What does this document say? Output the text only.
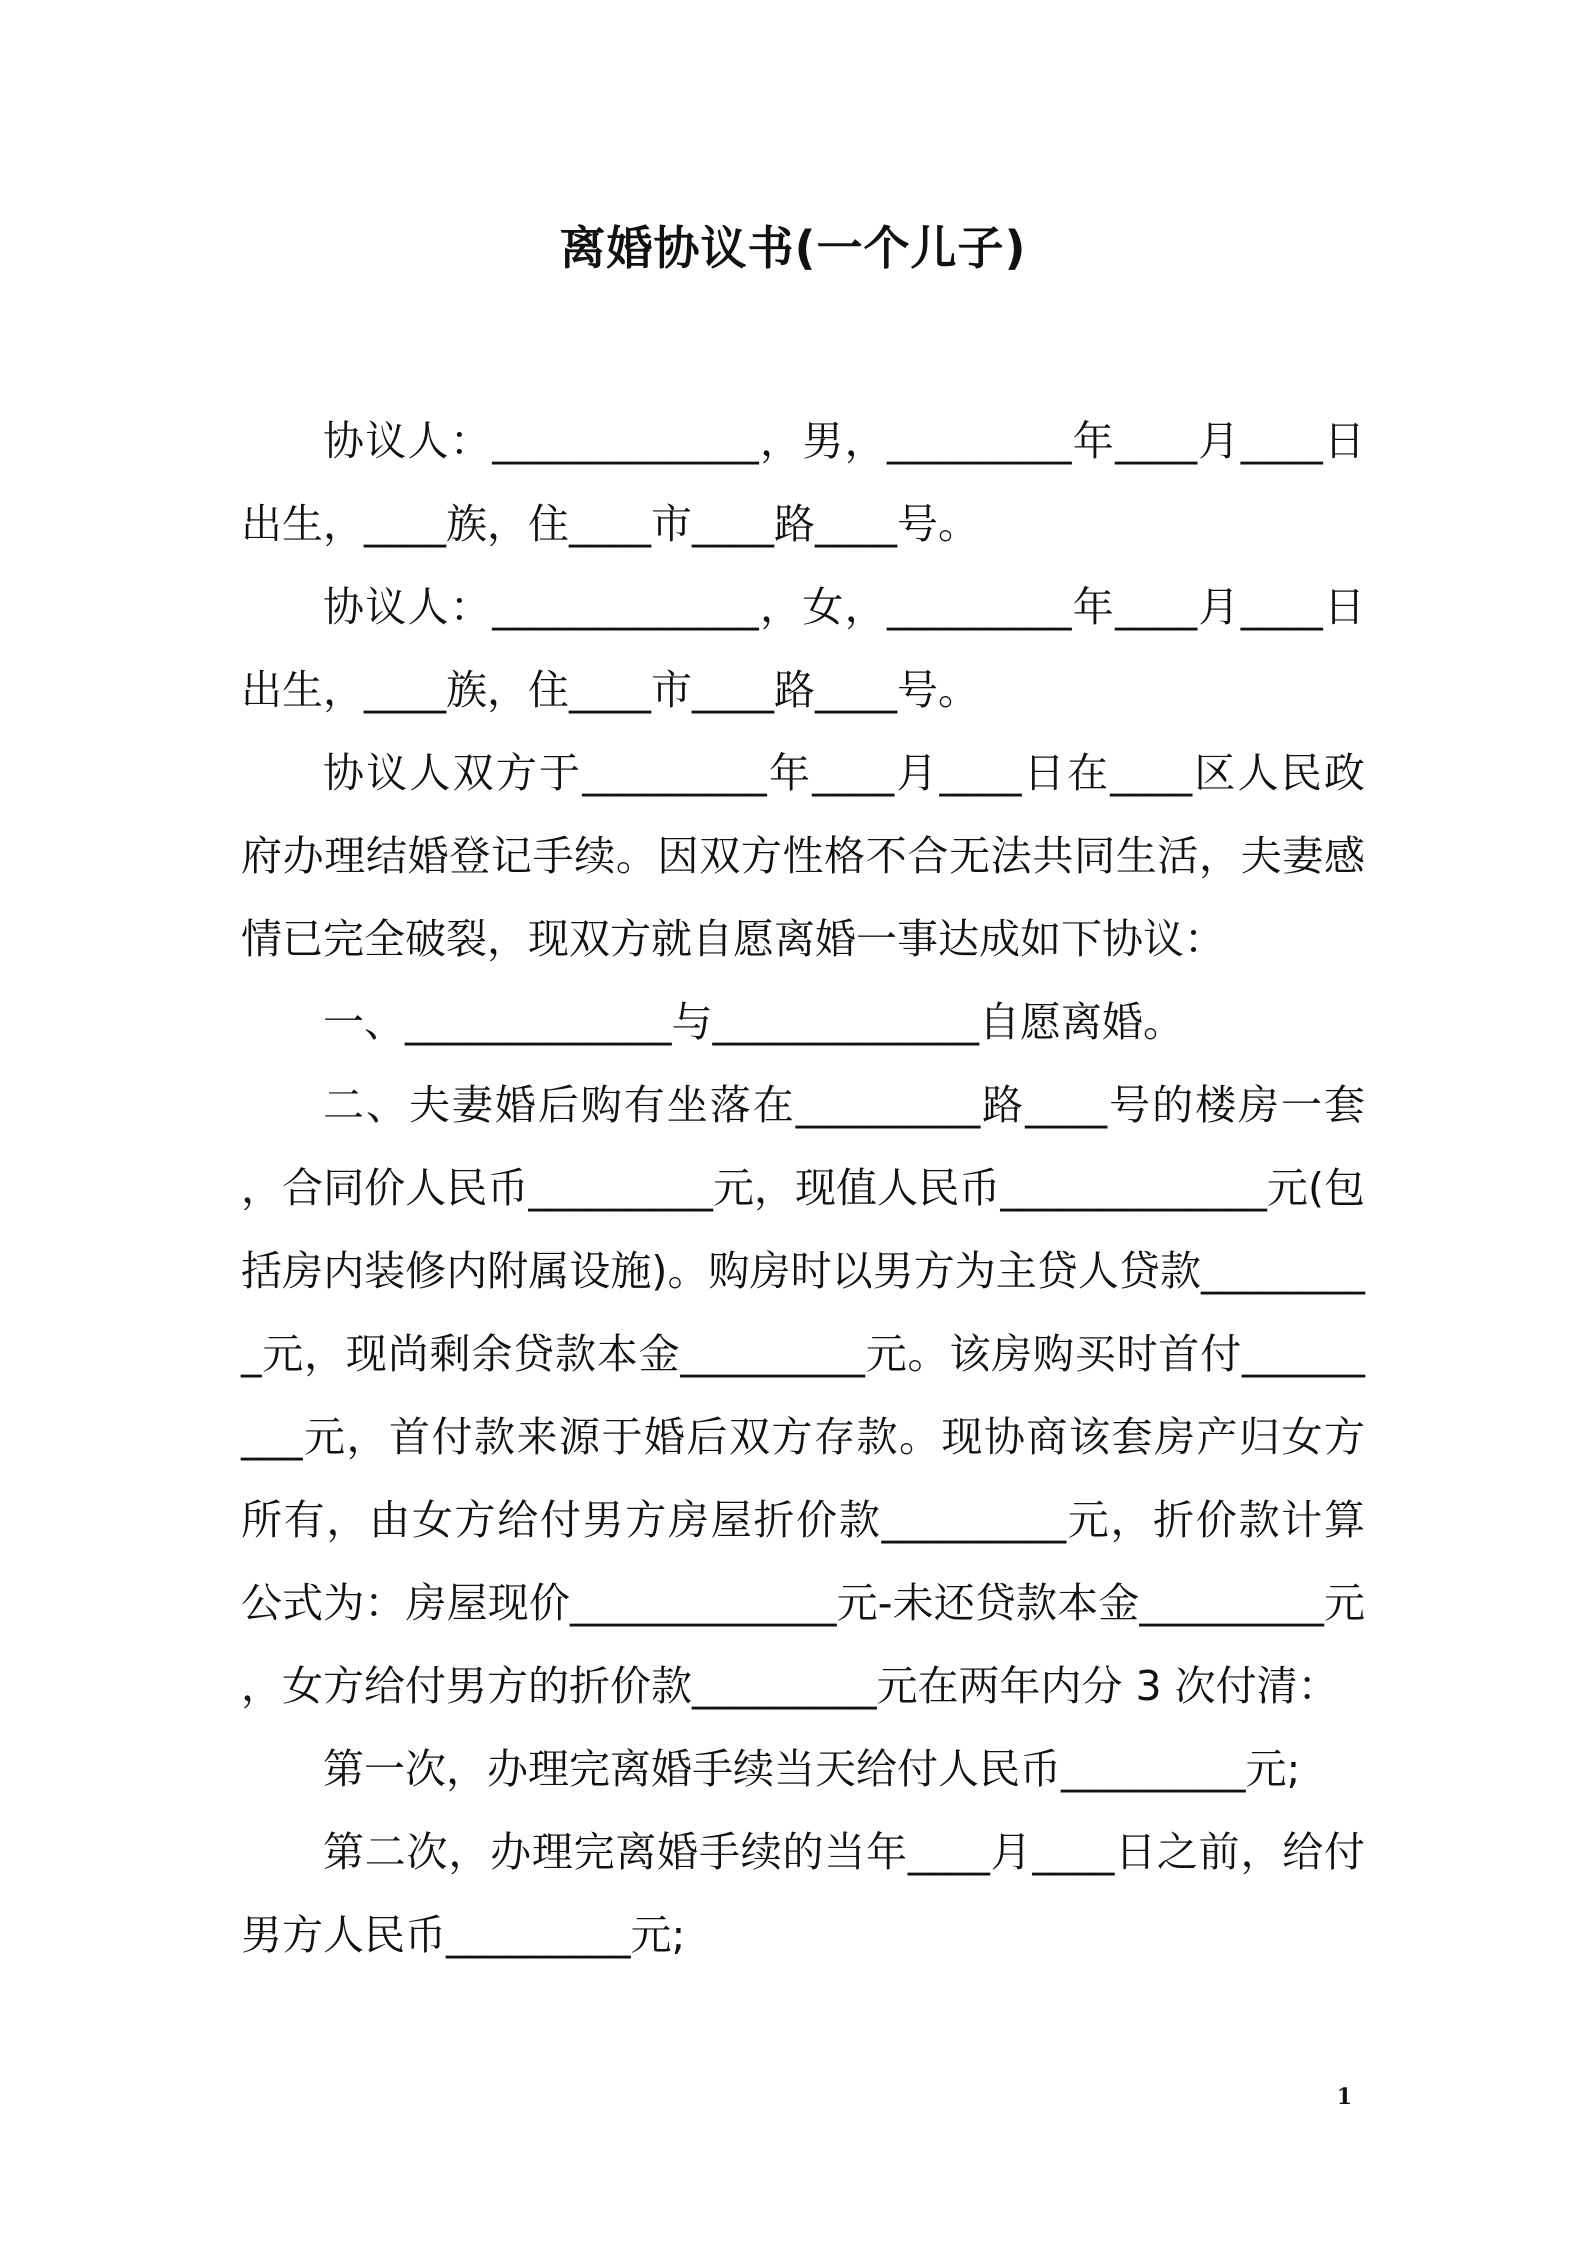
离婚协议书(一个儿子)

协议人：_____________，男，_________年____月____日出生，____族，住____市____路____号。

协议人：_____________，女，_________年____月____日出生，____族，住____市____路____号。

协议人双方于_________年____月____日在____区人民政府办理结婚登记手续。因双方性格不合无法共同生活，夫妻感情已完全破裂，现双方就自愿离婚一事达成如下协议：

一、_____________与_____________自愿离婚。

二、夫妻婚后购有坐落在_________路____号的楼房一套，合同价人民币_________元，现值人民币_____________元(包括房内装修内附属设施)。购房时以男方为主贷人贷款_________元，现尚剩余贷款本金_________元。该房购买时首付_________元，首付款来源于婚后双方存款。现协商该套房产归女方所有，由女方给付男方房屋折价款_________元，折价款计算公式为：房屋现价_____________元-未还贷款本金_________元，女方给付男方的折价款_________元在两年内分 3 次付清：

第一次，办理完离婚手续当天给付人民币_________元;

第二次，办理完离婚手续的当年____月____日之前，给付男方人民币_________元;

1
